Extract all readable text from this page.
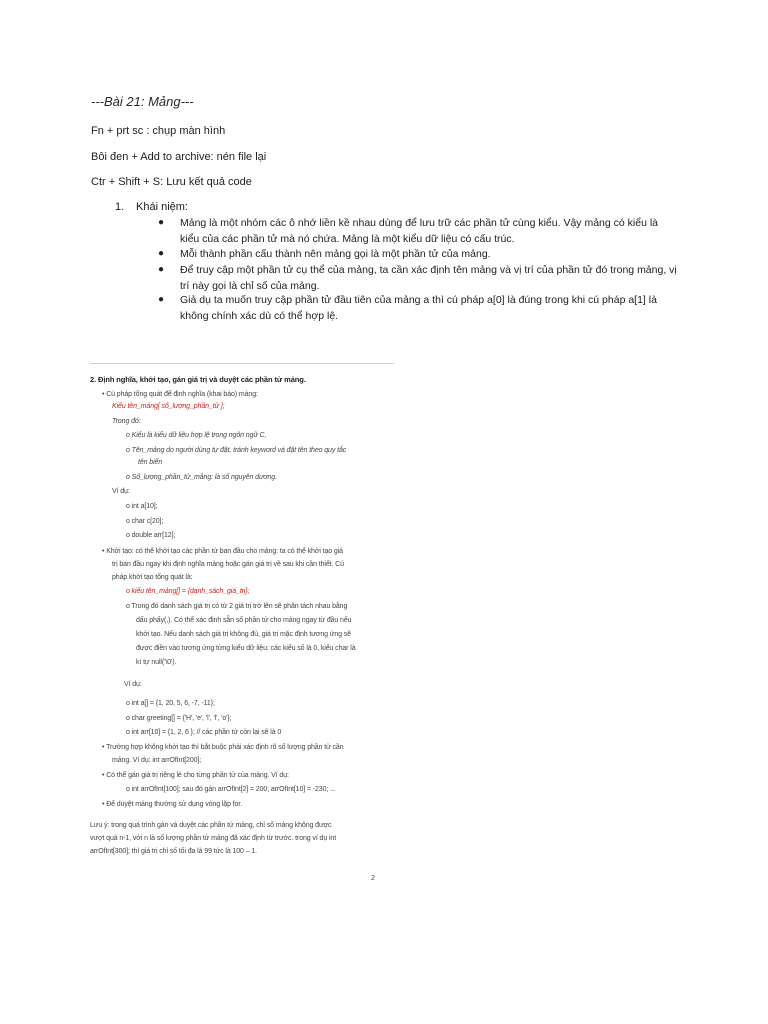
---Bài 21: Mảng---
Fn + prt sc : chụp màn hình
Bôi đen + Add to archive: nén file lại
Ctr + Shift + S: Lưu kết quả code
1. Khái niệm:
● Mảng là một nhóm các ô nhớ liền kề nhau dùng để lưu trữ các phần tử cùng kiểu. Vậy mảng có kiểu là kiểu của các phần tử mà nó chứa. Mảng là một kiểu dữ liệu có cấu trúc.
● Mỗi thành phần cấu thành nên mảng gọi là một phần tử của mảng.
● Để truy cập một phần tử cụ thể của mảng, ta cần xác định tên mảng và vị trí của phần tử đó trong mảng, vị trí này gọi là chỉ số của mảng.
● Giả dụ ta muốn truy cập phần tử đầu tiên của mảng a thì cú pháp a[0] là đúng trong khi cú pháp a[1] là không chính xác dù có thể hợp lệ.
2. Định nghĩa, khởi tạo, gán giá trị và duyệt các phần tử mảng.
• Cú pháp tổng quát để định nghĩa (khai báo) mảng:
Kiểu tên_mảng[ số_lượng_phần_tử ];
Trong đó:
o Kiểu là kiểu dữ liệu hợp lệ trong ngôn ngữ C,
o Tên_mảng do người dùng tự đặt, tránh keyword và đặt tên theo quy tắc
tên biến
o Số_lượng_phần_tử_mảng: là số nguyên dương.
Ví dụ:
o int a[10];
o char c[20];
o double arr[12];
• Khởi tạo: có thể khởi tạo các phần tử ban đầu cho mảng: ta có thể khởi tạo giá
trị ban đầu ngay khi định nghĩa mảng hoặc gán giá trị về sau khi cần thiết. Cú
pháp khởi tạo tổng quát là:
o kiểu tên_mảng[] = {danh_sách_giá_trị};
o Trong đó danh sách giá trị có từ 2 giá trị trở lên sẽ phân tách nhau bằng
dấu phẩy(,). Có thể xác định sẵn số phần tử cho mảng ngay từ đầu nếu
khởi tạo. Nếu danh sách giá trị không đủ, giá trị mặc định tương ứng sẽ
được điền vào tương ứng từng kiểu dữ liệu: các kiểu số là 0, kiểu char là
kí tự null('\0').
Ví dụ:
o int a[] = {1, 20, 5, 6, -7, -11};
o char greeting[] = {'H', 'e', 'l', 'l', 'o'};
o int arr[10] = {1, 2, 6 }; // các phần tử còn lại sẽ là 0
• Trường hợp không khởi tạo thì bắt buộc phải xác định rõ số lượng phần tử cần
mảng. Ví dụ: int arrOfInt[200];
• Có thể gán giá trị riêng lẻ cho từng phần tử của mảng. Ví dụ:
o int arrOfInt[100]; sau đó gán arrOfInt[2] = 200; arrOfInt[10] = -230; ...
• Để duyệt mảng thường sử dụng vòng lặp for.
Lưu ý: trong quá trình gán và duyệt các phần tử mảng, chỉ số mảng không được
vượt quá n-1, với n là số lượng phần tử mảng đã xác định từ trước. trong ví dụ int
arrOfInt[300]; thì giá trị chỉ số tối đa là 99 tức là 100 – 1.
2
